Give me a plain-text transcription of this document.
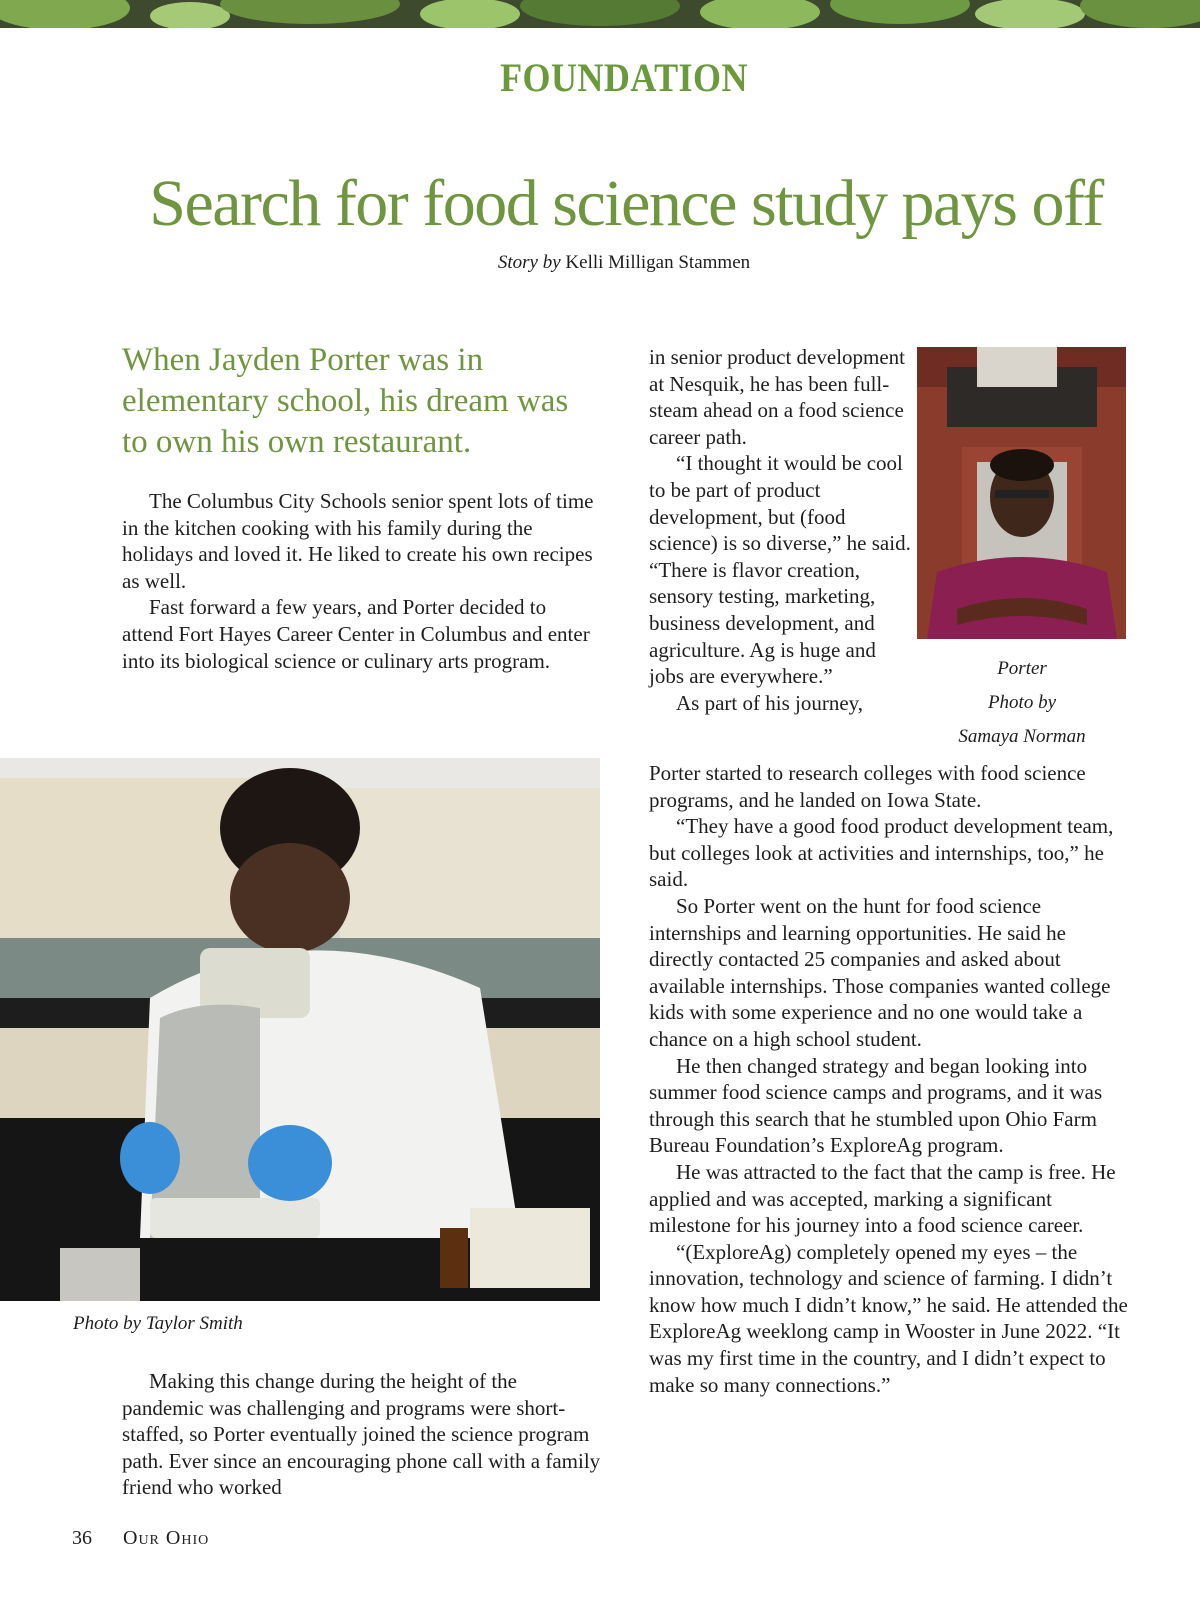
FOUNDATION
Search for food science study pays off
Story by Kelli Milligan Stammen
When Jayden Porter was in elementary school, his dream was to own his own restaurant.

The Columbus City Schools senior spent lots of time in the kitchen cooking with his family during the holidays and loved it. He liked to create his own recipes as well.

Fast forward a few years, and Porter decided to attend Fort Hayes Career Center in Columbus and enter into its biological science or culinary arts program.

Photo by Taylor Smith

Making this change during the height of the pandemic was challenging and programs were short-staffed, so Porter eventually joined the science program path. Ever since an encouraging phone call with a family friend who worked

in senior product development at Nesquik, he has been full-steam ahead on a food science career path.

“I thought it would be cool to be part of product development, but (food science) is so diverse,” he said. “There is flavor creation, sensory testing, marketing, business development, and agriculture. Ag is huge and jobs are everywhere.”

As part of his journey,

Porter
Photo by
Samaya Norman

Porter started to research colleges with food science programs, and he landed on Iowa State.

“They have a good food product development team, but colleges look at activities and internships, too,” he said.

So Porter went on the hunt for food science internships and learning opportunities. He said he directly contacted 25 companies and asked about available internships. Those companies wanted college kids with some experience and no one would take a chance on a high school student.

He then changed strategy and began looking into summer food science camps and programs, and it was through this search that he stumbled upon Ohio Farm Bureau Foundation’s ExploreAg program.

He was attracted to the fact that the camp is free. He applied and was accepted, marking a significant milestone for his journey into a food science career.

“(ExploreAg) completely opened my eyes – the innovation, technology and science of farming. I didn’t know how much I didn’t know,” he said. He attended the ExploreAg weeklong camp in Wooster in June 2022. “It was my first time in the country, and I didn’t expect to make so many connections.”

36 Our Ohio
